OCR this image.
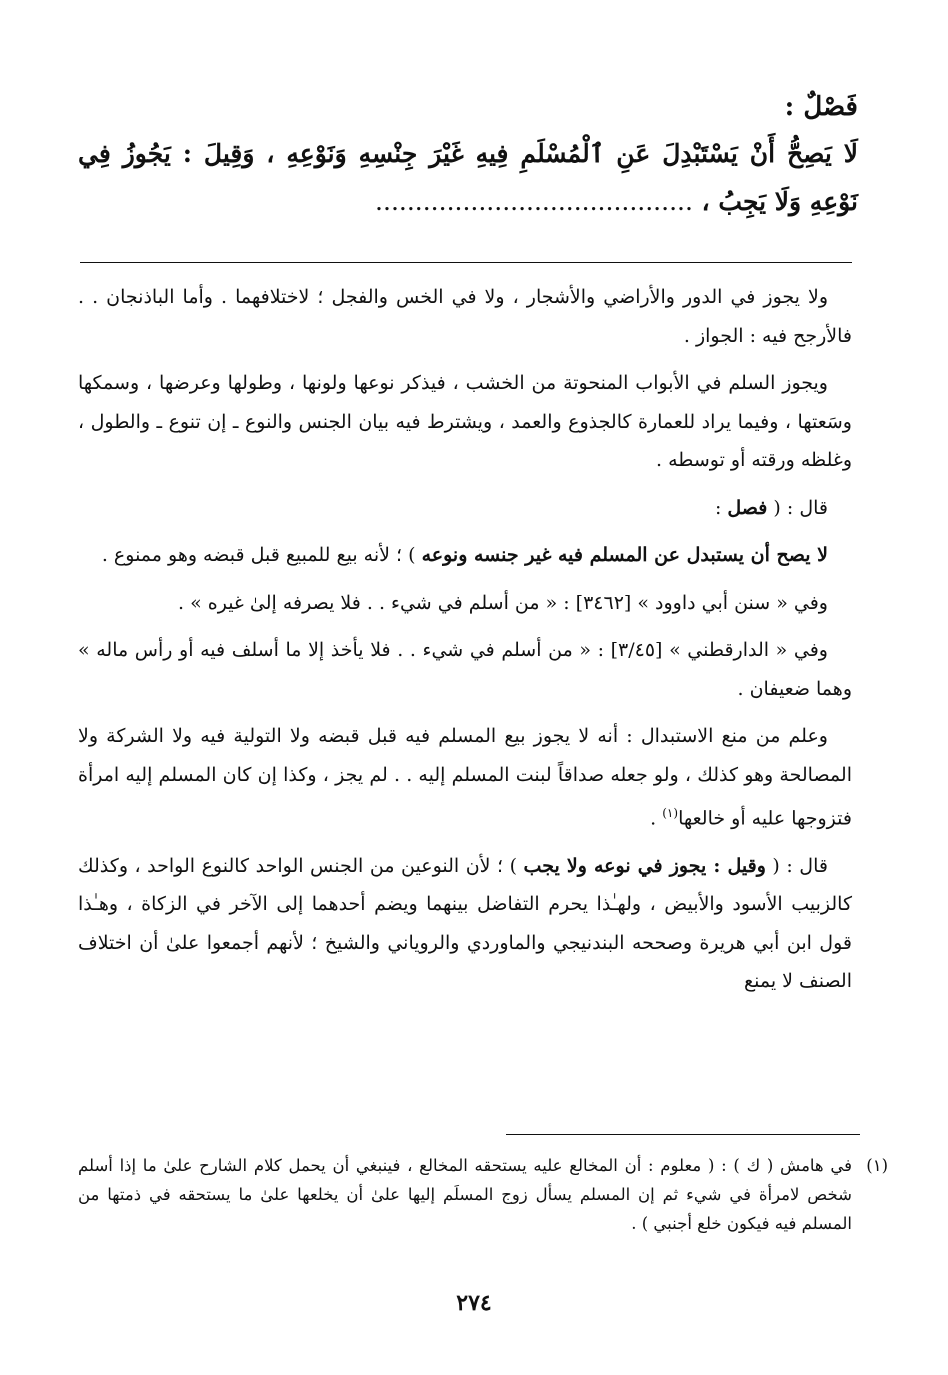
فَصْلٌ :
لَا يَصِحُّ أَنْ يَسْتَبْدِلَ عَنِ ٱلْمُسْلَمِ فِيهِ غَيْرَ جِنْسِهِ وَنَوْعِهِ ، وَقِيلَ : يَجُوزُ فِي نَوْعِهِ وَلَا يَجِبُ ، ........................................

ولا يجوز في الدور والأراضي والأشجار ، ولا في الخس والفجل ؛ لاختلافهما . وأما الباذنجان . . فالأرجح فيه : الجواز .

ويجوز السلم في الأبواب المنحوتة من الخشب ، فيذكر نوعها ولونها ، وطولها وعرضها ، وسمكها وسَعتها ، وفيما يراد للعمارة كالجذوع والعمد ، ويشترط فيه بيان الجنس والنوع ـ إن تنوع ـ والطول ، وغلظه ورقته أو توسطه .

قال : ( فصل :

لا يصح أن يستبدل عن المسلم فيه غير جنسه ونوعه ) ؛ لأنه بيع للمبيع قبل قبضه وهو ممنوع .

وفي « سنن أبي داوود » [٣٤٦٢] : « من أسلم في شيء . . فلا يصرفه إلىٰ غيره » .

وفي « الدارقطني » [٣/٤٥] : « من أسلم في شيء . . فلا يأخذ إلا ما أسلف فيه أو رأس ماله » وهما ضعيفان .

وعلم من منع الاستبدال : أنه لا يجوز بيع المسلم فيه قبل قبضه ولا التولية فيه ولا الشركة ولا المصالحة وهو كذلك ، ولو جعله صداقاً لبنت المسلم إليه . . لم يجز ، وكذا إن كان المسلم إليه امرأة فتزوجها عليه أو خالعها$^{(١)}$ .

قال : ( وقيل : يجوز في نوعه ولا يجب ) ؛ لأن النوعين من الجنس الواحد كالنوع الواحد ، وكذلك كالزبيب الأسود والأبيض ، ولهـٰذا يحرم التفاضل بينهما ويضم أحدهما إلى الآخر في الزكاة ، وهـٰذا قول ابن أبي هريرة وصححه البندنيجي والماوردي والروياني والشيخ ؛ لأنهم أجمعوا علىٰ أن اختلاف الصنف لا يمنع

(١)
في هامش ( ك ) : ( معلوم : أن المخالع عليه يستحقه المخالع ، فينبغي أن يحمل كلام الشارح علىٰ ما إذا أسلم شخص لامرأة في شيء ثم إن المسلم يسأل زوج المسلَم إليها علىٰ أن يخلعها علىٰ ما يستحقه في ذمتها من المسلم فيه فيكون خلع أجنبي ) .
٢٧٤
